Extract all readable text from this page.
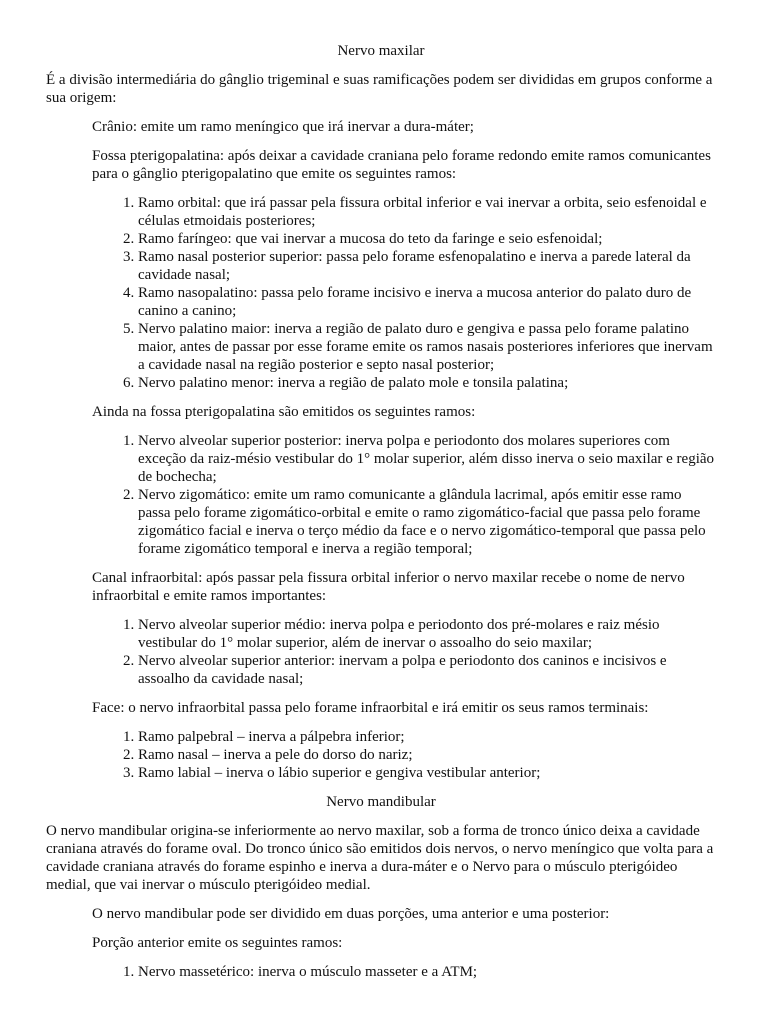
Nervo maxilar

É a divisão intermediária do gânglio trigeminal e suas ramificações podem ser divididas em grupos conforme a sua origem:

Crânio: emite um ramo meníngico que irá inervar a dura-máter;

Fossa pterigopalatina: após deixar a cavidade craniana pelo forame redondo emite ramos comunicantes para o gânglio pterigopalatino que emite os seguintes ramos:

1. Ramo orbital: que irá passar pela fissura orbital inferior e vai inervar a orbita, seio esfenoidal e células etmoidais posteriores;
2. Ramo faríngeo: que vai inervar a mucosa do teto da faringe e seio esfenoidal;
3. Ramo nasal posterior superior: passa pelo forame esfenopalatino e inerva a parede lateral da cavidade nasal;
4. Ramo nasopalatino: passa pelo forame incisivo e inerva a mucosa anterior do palato duro de canino a canino;
5. Nervo palatino maior: inerva a região de palato duro e gengiva e passa pelo forame palatino maior, antes de passar por esse forame emite os ramos nasais posteriores inferiores que inervam a cavidade nasal na região posterior e septo nasal posterior;
6. Nervo palatino menor: inerva a região de palato mole e tonsila palatina;

Ainda na fossa pterigopalatina são emitidos os seguintes ramos:

1. Nervo alveolar superior posterior: inerva polpa e periodonto dos molares superiores com exceção da raiz-mésio vestibular do 1° molar superior, além disso inerva o seio maxilar e região de bochecha;
2. Nervo zigomático: emite um ramo comunicante a glândula lacrimal, após emitir esse ramo passa pelo forame zigomático-orbital e emite o ramo zigomático-facial que passa pelo forame zigomático facial e inerva o terço médio da face e o nervo zigomático-temporal que passa pelo forame zigomático temporal e inerva a região temporal;

Canal infraorbital: após passar pela fissura orbital inferior o nervo maxilar recebe o nome de nervo infraorbital e emite ramos importantes:

1. Nervo alveolar superior médio: inerva polpa e periodonto dos pré-molares e raiz mésio vestibular do 1° molar superior, além de inervar o assoalho do seio maxilar;
2. Nervo alveolar superior anterior: inervam a polpa e periodonto dos caninos e incisivos e assoalho da cavidade nasal;

Face: o nervo infraorbital passa pelo forame infraorbital e irá emitir os seus ramos terminais:

1. Ramo palpebral – inerva a pálpebra inferior;
2. Ramo nasal – inerva a pele do dorso do nariz;
3. Ramo labial – inerva o lábio superior e gengiva vestibular anterior;
Nervo mandibular

O nervo mandibular origina-se inferiormente ao nervo maxilar, sob a forma de tronco único deixa a cavidade craniana através do forame oval. Do tronco único são emitidos dois nervos, o nervo meníngico que volta para a cavidade craniana através do forame espinho e inerva a dura-máter e o Nervo para o músculo pterigóideo medial, que vai inervar o músculo pterigóideo medial.

O nervo mandibular pode ser dividido em duas porções, uma anterior e uma posterior:

Porção anterior emite os seguintes ramos:

1. Nervo massetérico: inerva o músculo masseter e a ATM;
